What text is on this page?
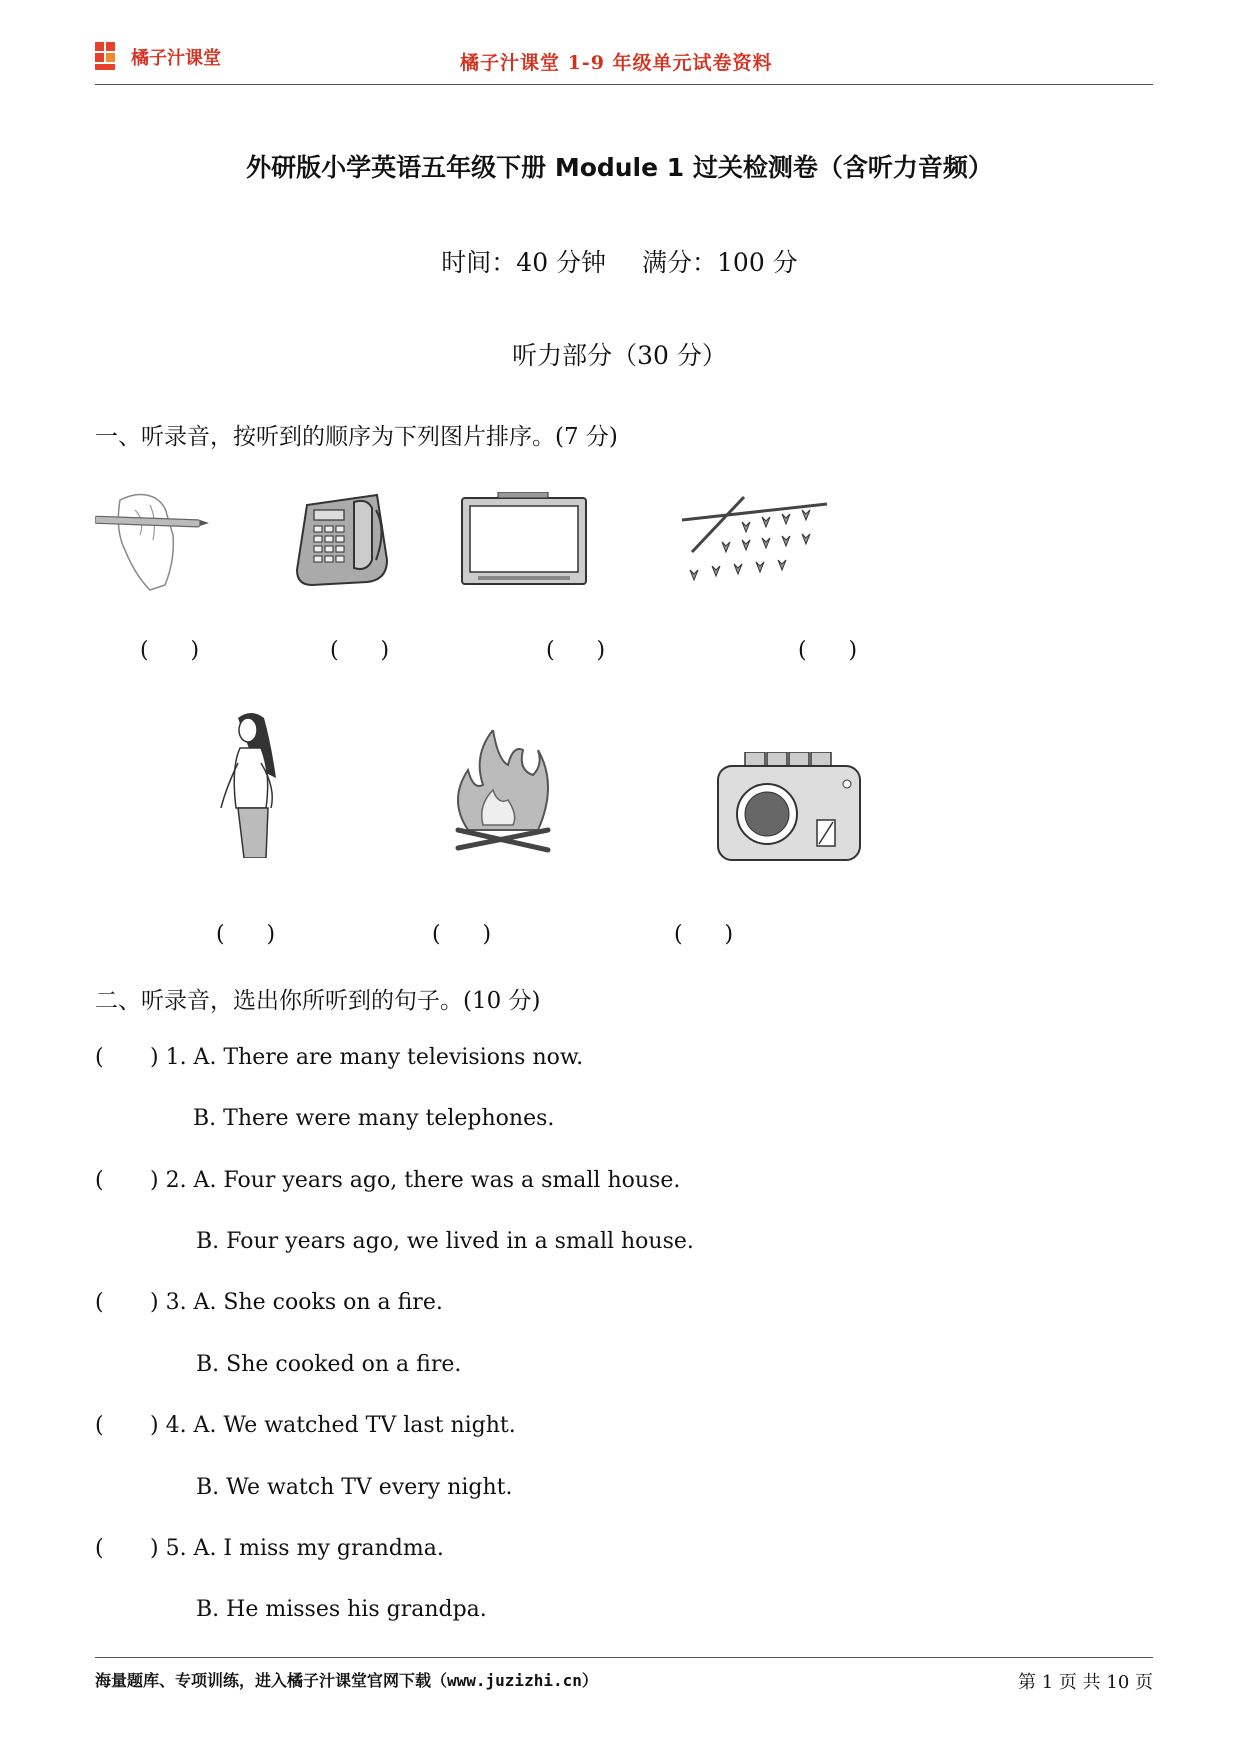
橘子汁课堂	橘子汁课堂 1-9 年级单元试卷资料
外研版小学英语五年级下册 Module 1 过关检测卷（含听力音频）
时间：40 分钟 满分：100 分
听力部分（30 分）
一、听录音，按听到的顺序为下列图片排序。(7 分)
(      )	(      )	(      )	(      )
(      )	(      )	(      )
二、听录音，选出你所听到的句子。(10 分)
( ) 1. A. There are many televisions now.
B. There were many telephones.
( ) 2. A. Four years ago, there was a small house.
B. Four years ago, we lived in a small house.
( ) 3. A. She cooks on a fire.
B. She cooked on a fire.
( ) 4. A. We watched TV last night.
B. We watch TV every night.
( ) 5. A. I miss my grandma.
B. He misses his grandpa.
海量题库、专项训练，进入橘子汁课堂官网下载（www.juzizhi.cn）	第 1 页 共 10 页
